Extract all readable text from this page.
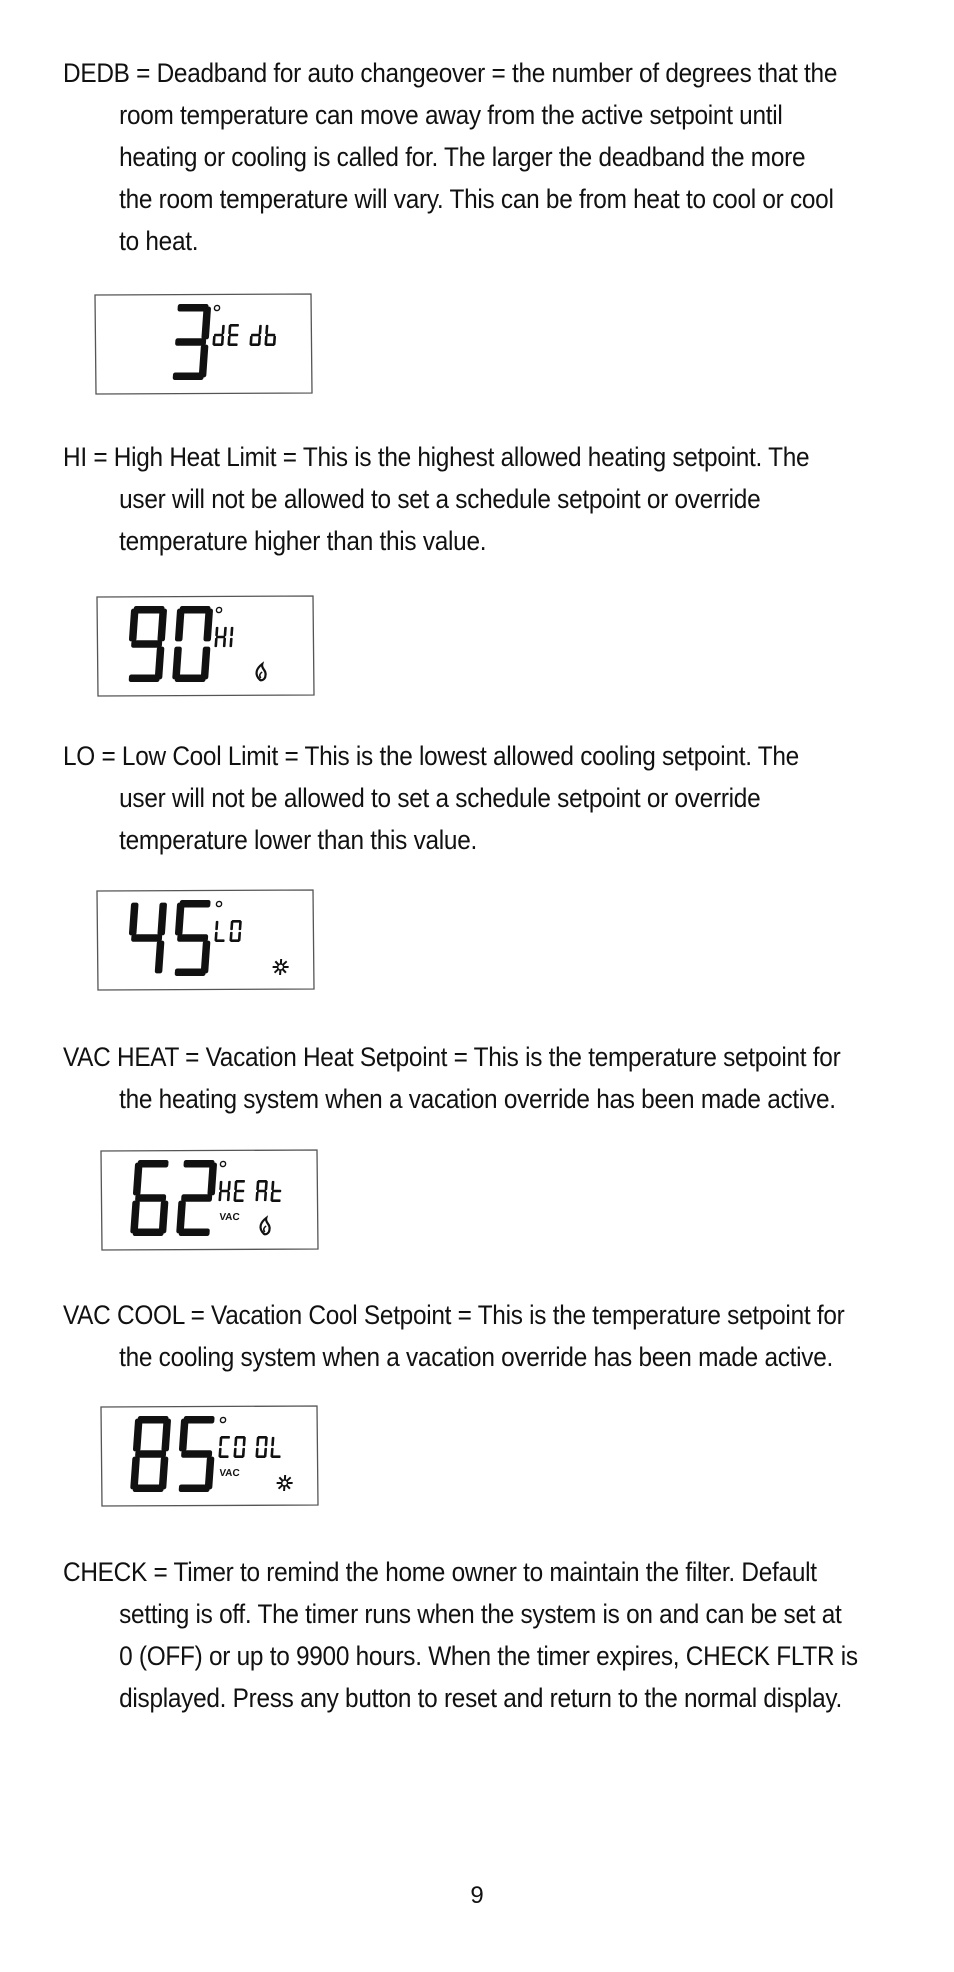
DEDB = Deadband for auto changeover = the number of degrees that the
room temperature can move away from the active setpoint until
heating or cooling is called for. The larger the deadband the more
the room temperature will vary. This can be from heat to cool or cool
to heat.
HI = High Heat Limit = This is the highest allowed heating setpoint. The
user will not be allowed to set a schedule setpoint or override
temperature higher than this value.
LO = Low Cool Limit = This is the lowest allowed cooling setpoint. The
user will not be allowed to set a schedule setpoint or override
temperature lower than this value.
VAC HEAT = Vacation Heat Setpoint = This is the temperature setpoint for
the heating system when a vacation override has been made active.
VAC
VAC COOL = Vacation Cool Setpoint = This is the temperature setpoint for
the cooling system when a vacation override has been made active.
VAC
CHECK = Timer to remind the home owner to maintain the filter. Default
setting is off. The timer runs when the system is on and can be set at
0 (OFF) or up to 9900 hours. When the timer expires, CHECK FLTR is
displayed. Press any button to reset and return to the normal display.
9
